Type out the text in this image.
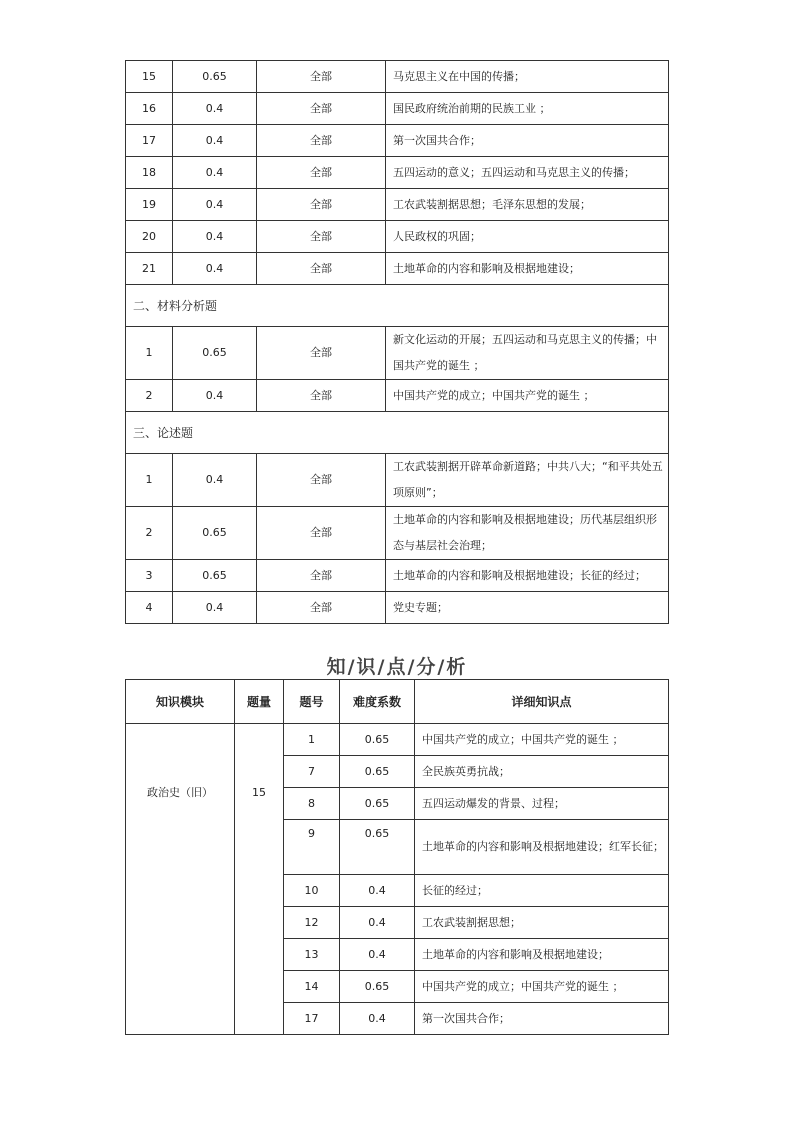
15	0.65	全部	马克思主义在中国的传播；
16	0.4	全部	国民政府统治前期的民族工业 ；
17	0.4	全部	第一次国共合作；
18	0.4	全部	五四运动的意义；五四运动和马克思主义的传播；
19	0.4	全部	工农武装割据思想；毛泽东思想的发展；
20	0.4	全部	人民政权的巩固；
21	0.4	全部	土地革命的内容和影响及根据地建设；
二、材料分析题			
1	0.65	全部	新文化运动的开展；五四运动和马克思主义的传播；中国共产党的诞生 ；
2	0.4	全部	中国共产党的成立；中国共产党的诞生 ；
三、论述题			
1	0.4	全部	工农武装割据开辟革命新道路；中共八大；“和平共处五项原则”；
2	0.65	全部	土地革命的内容和影响及根据地建设；历代基层组织形态与基层社会治理；
3	0.65	全部	土地革命的内容和影响及根据地建设；长征的经过；
4	0.4	全部	党史专题；
知/识/点/分/析
知识模块	题量	题号	难度系数	详细知识点
政治史（旧）	15	1	0.65	中国共产党的成立；中国共产党的诞生 ；
		7	0.65	全民族英勇抗战；
		8	0.65	五四运动爆发的背景、过程；
		9	0.65	土地革命的内容和影响及根据地建设；红军长征；
		10	0.4	长征的经过；
		12	0.4	工农武装割据思想；
		13	0.4	土地革命的内容和影响及根据地建设；
		14	0.65	中国共产党的成立；中国共产党的诞生 ；
		17	0.4	第一次国共合作；
